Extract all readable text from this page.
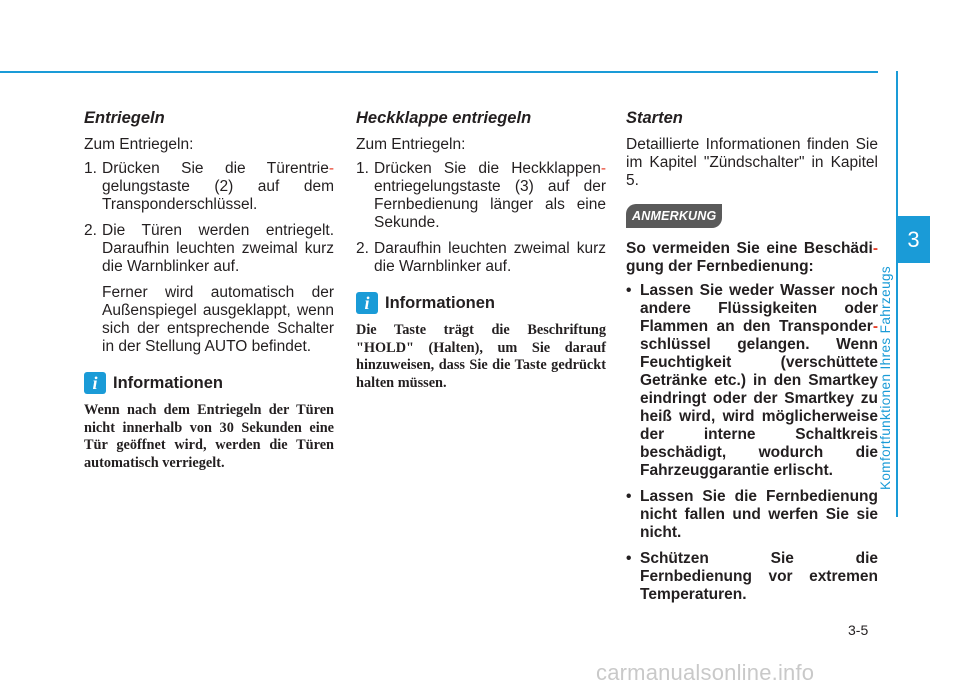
Entriegeln

Zum Entriegeln:

1. Drücken Sie die Türentrie- gelungstaste (2) auf dem Transponderschlüssel.
2. Die Türen werden entriegelt. Daraufhin leuchten zweimal kurz die Warnblinker auf.

Ferner wird automatisch der Außenspiegel ausgeklappt, wenn sich der entsprechende Schalter in der Stellung AUTO befindet.

i Informationen

Wenn nach dem Entriegeln der Türen nicht innerhalb von 30 Sekunden eine Tür geöffnet wird, werden die Türen automatisch verriegelt.

Heckklappe entriegeln

Zum Entriegeln:

1. Drücken Sie die Heckklappen- entriegelungstaste (3) auf der Fernbedienung länger als eine Sekunde.
2. Daraufhin leuchten zweimal kurz die Warnblinker auf.
i Informationen

Die Taste trägt die Beschriftung "HOLD" (Halten), um Sie darauf hinzuweisen, dass Sie die Taste gedrückt halten müssen.

Starten

Detaillierte Informationen finden Sie im Kapitel "Zündschalter" in Kapitel 5.

ANMERKUNG

So vermeiden Sie eine Beschädi- gung der Fernbedienung:

• Lassen Sie weder Wasser noch andere Flüssigkeiten oder Flammen an den Transponder- schlüssel gelangen. Wenn Feuchtigkeit (verschüttete Getränke etc.) in den Smartkey eindringt oder der Smartkey zu heiß wird, wird möglicherweise der interne Schaltkreis beschädigt, wodurch die Fahrzeuggarantie erlischt.
• Lassen Sie die Fernbedienung nicht fallen und werfen Sie sie nicht.
• Schützen Sie die Fernbedienung vor extremen Temperaturen.
3
Komfortfunktionen Ihres Fahrzeugs
3-5
carmanualsonline.info
